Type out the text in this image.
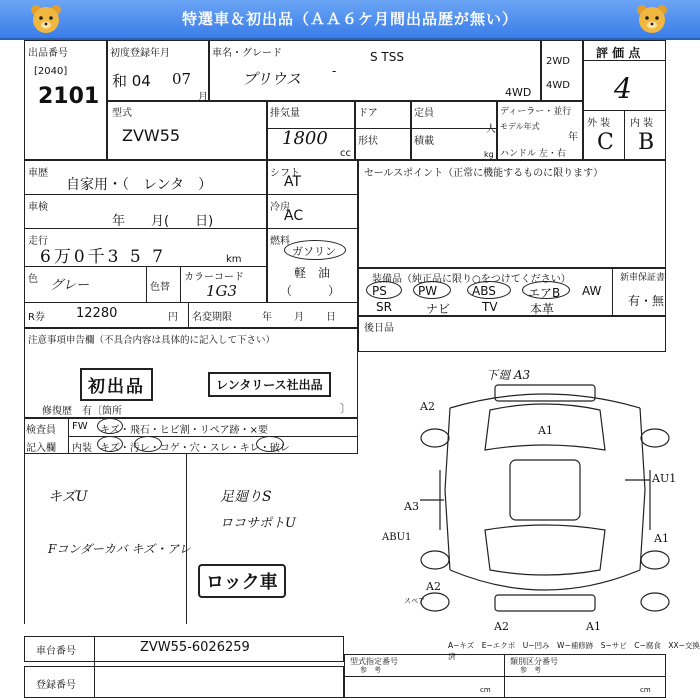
特選車＆初出品（ＡＡ６ケ月間出品歴が無い）
出品番号
[2040]
2101
初度登録年月
和 04 07
月
車名・グレード	S TSS
プリウス	-
4WD
2WD
4WD
評 価 点
4
外 装 内 装
C B
型式
ZVW55
排気量
1800
cc
ドア	定員
人
形状	積載
kg
ディーラー・並行
モデル年式
年
ハンドル 左・右
車歴
自家用・（　レンタ　）
シフト
AT
車検
年　　月(　　日)
冷房
AC
走行
6万0千3 5 7	km
燃料
ガソリン
軽　油
（　　　）
色 グレー	色替
カラーコード
1G3
R券 12280	円 名変期限	年　月　日
セールスポイント（正常に機能するものに限ります）
装備品（純正品に限り○をつけてください）	新車保証書
有・無
PS	PW	ABS	エアB AW
SR	ナビ	TV	本革
後日品
注意事項申告欄（不具合内容は具体的に記入して下さい）
初出品	レンタリース社出品
修復歴　有〔箇所	〕
検査員
記入欄
FW キズ・飛石・ヒビ割・リペア跡・×要
内装 キズ・汚レ・コゲ・穴・スレ・キレ・破レ
キズU
Fコンダーカバ キズ・アレ
足廻りS
ロコサポトU
ロック車
下廻 A3
A2
A1
AU1
A3
ABU1	A1
A2
スペア
A2	A1
A−キズ　E−エクボ　U−凹み　W−補修跡　S−サビ　C−腐食　XX−交換済
車台番号	ZVW55-6026259
登録番号
型式指定番号	類別区分番号
参　考	参　考
cm	cm
